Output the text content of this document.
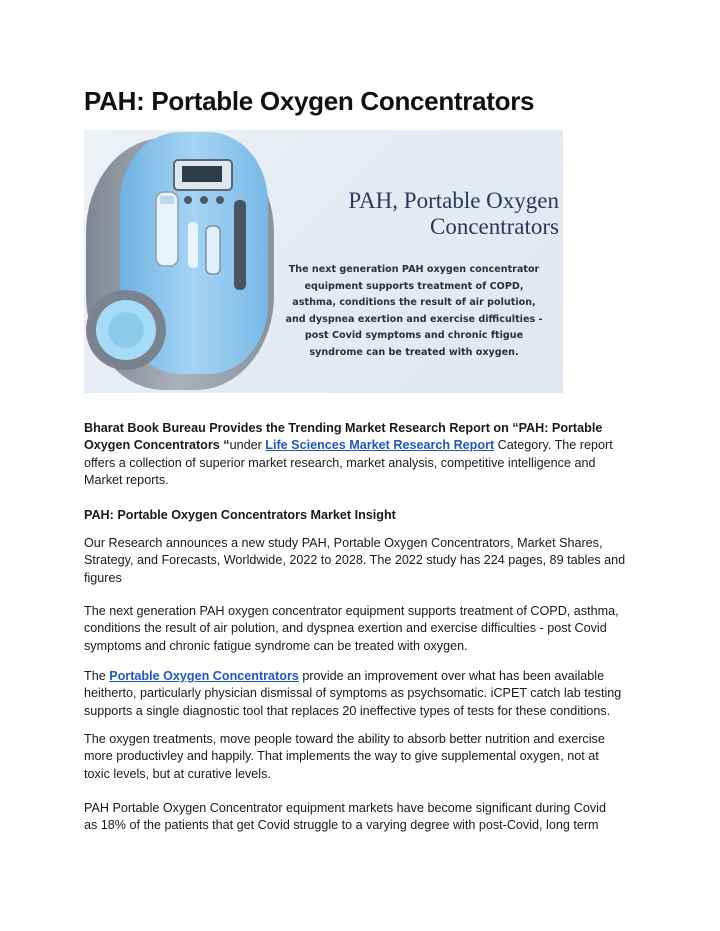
PAH: Portable Oxygen Concentrators
PAH, Portable Oxygen
Concentrators
The next generation PAH oxygen concentrator
equipment supports treatment of COPD,
asthma, conditions the result of air polution,
and dyspnea exertion and exercise difficulties -
post Covid symptoms and chronic ftigue
syndrome can be treated with oxygen.

Bharat Book Bureau Provides the Trending Market Research Report on “PAH: Portable
Oxygen Concentrators “under Life Sciences Market Research Report Category. The report
offers a collection of superior market research, market analysis, competitive intelligence and
Market reports.

PAH: Portable Oxygen Concentrators Market Insight

Our Research announces a new study PAH, Portable Oxygen Concentrators, Market Shares,
Strategy, and Forecasts, Worldwide, 2022 to 2028. The 2022 study has 224 pages, 89 tables and
figures

The next generation PAH oxygen concentrator equipment supports treatment of COPD, asthma,
conditions the result of air polution, and dyspnea exertion and exercise difficulties - post Covid
symptoms and chronic fatigue syndrome can be treated with oxygen.

The Portable Oxygen Concentrators provide an improvement over what has been available
heitherto, particularly physician dismissal of symptoms as psychsomatic. iCPET catch lab testing
supports a single diagnostic tool that replaces 20 ineffective types of tests for these conditions.

The oxygen treatments, move people toward the ability to absorb better nutrition and exercise
more productivley and happily. That implements the way to give supplemental oxygen, not at
toxic levels, but at curative levels.

PAH Portable Oxygen Concentrator equipment markets have become significant during Covid
as 18% of the patients that get Covid struggle to a varying degree with post-Covid, long term
